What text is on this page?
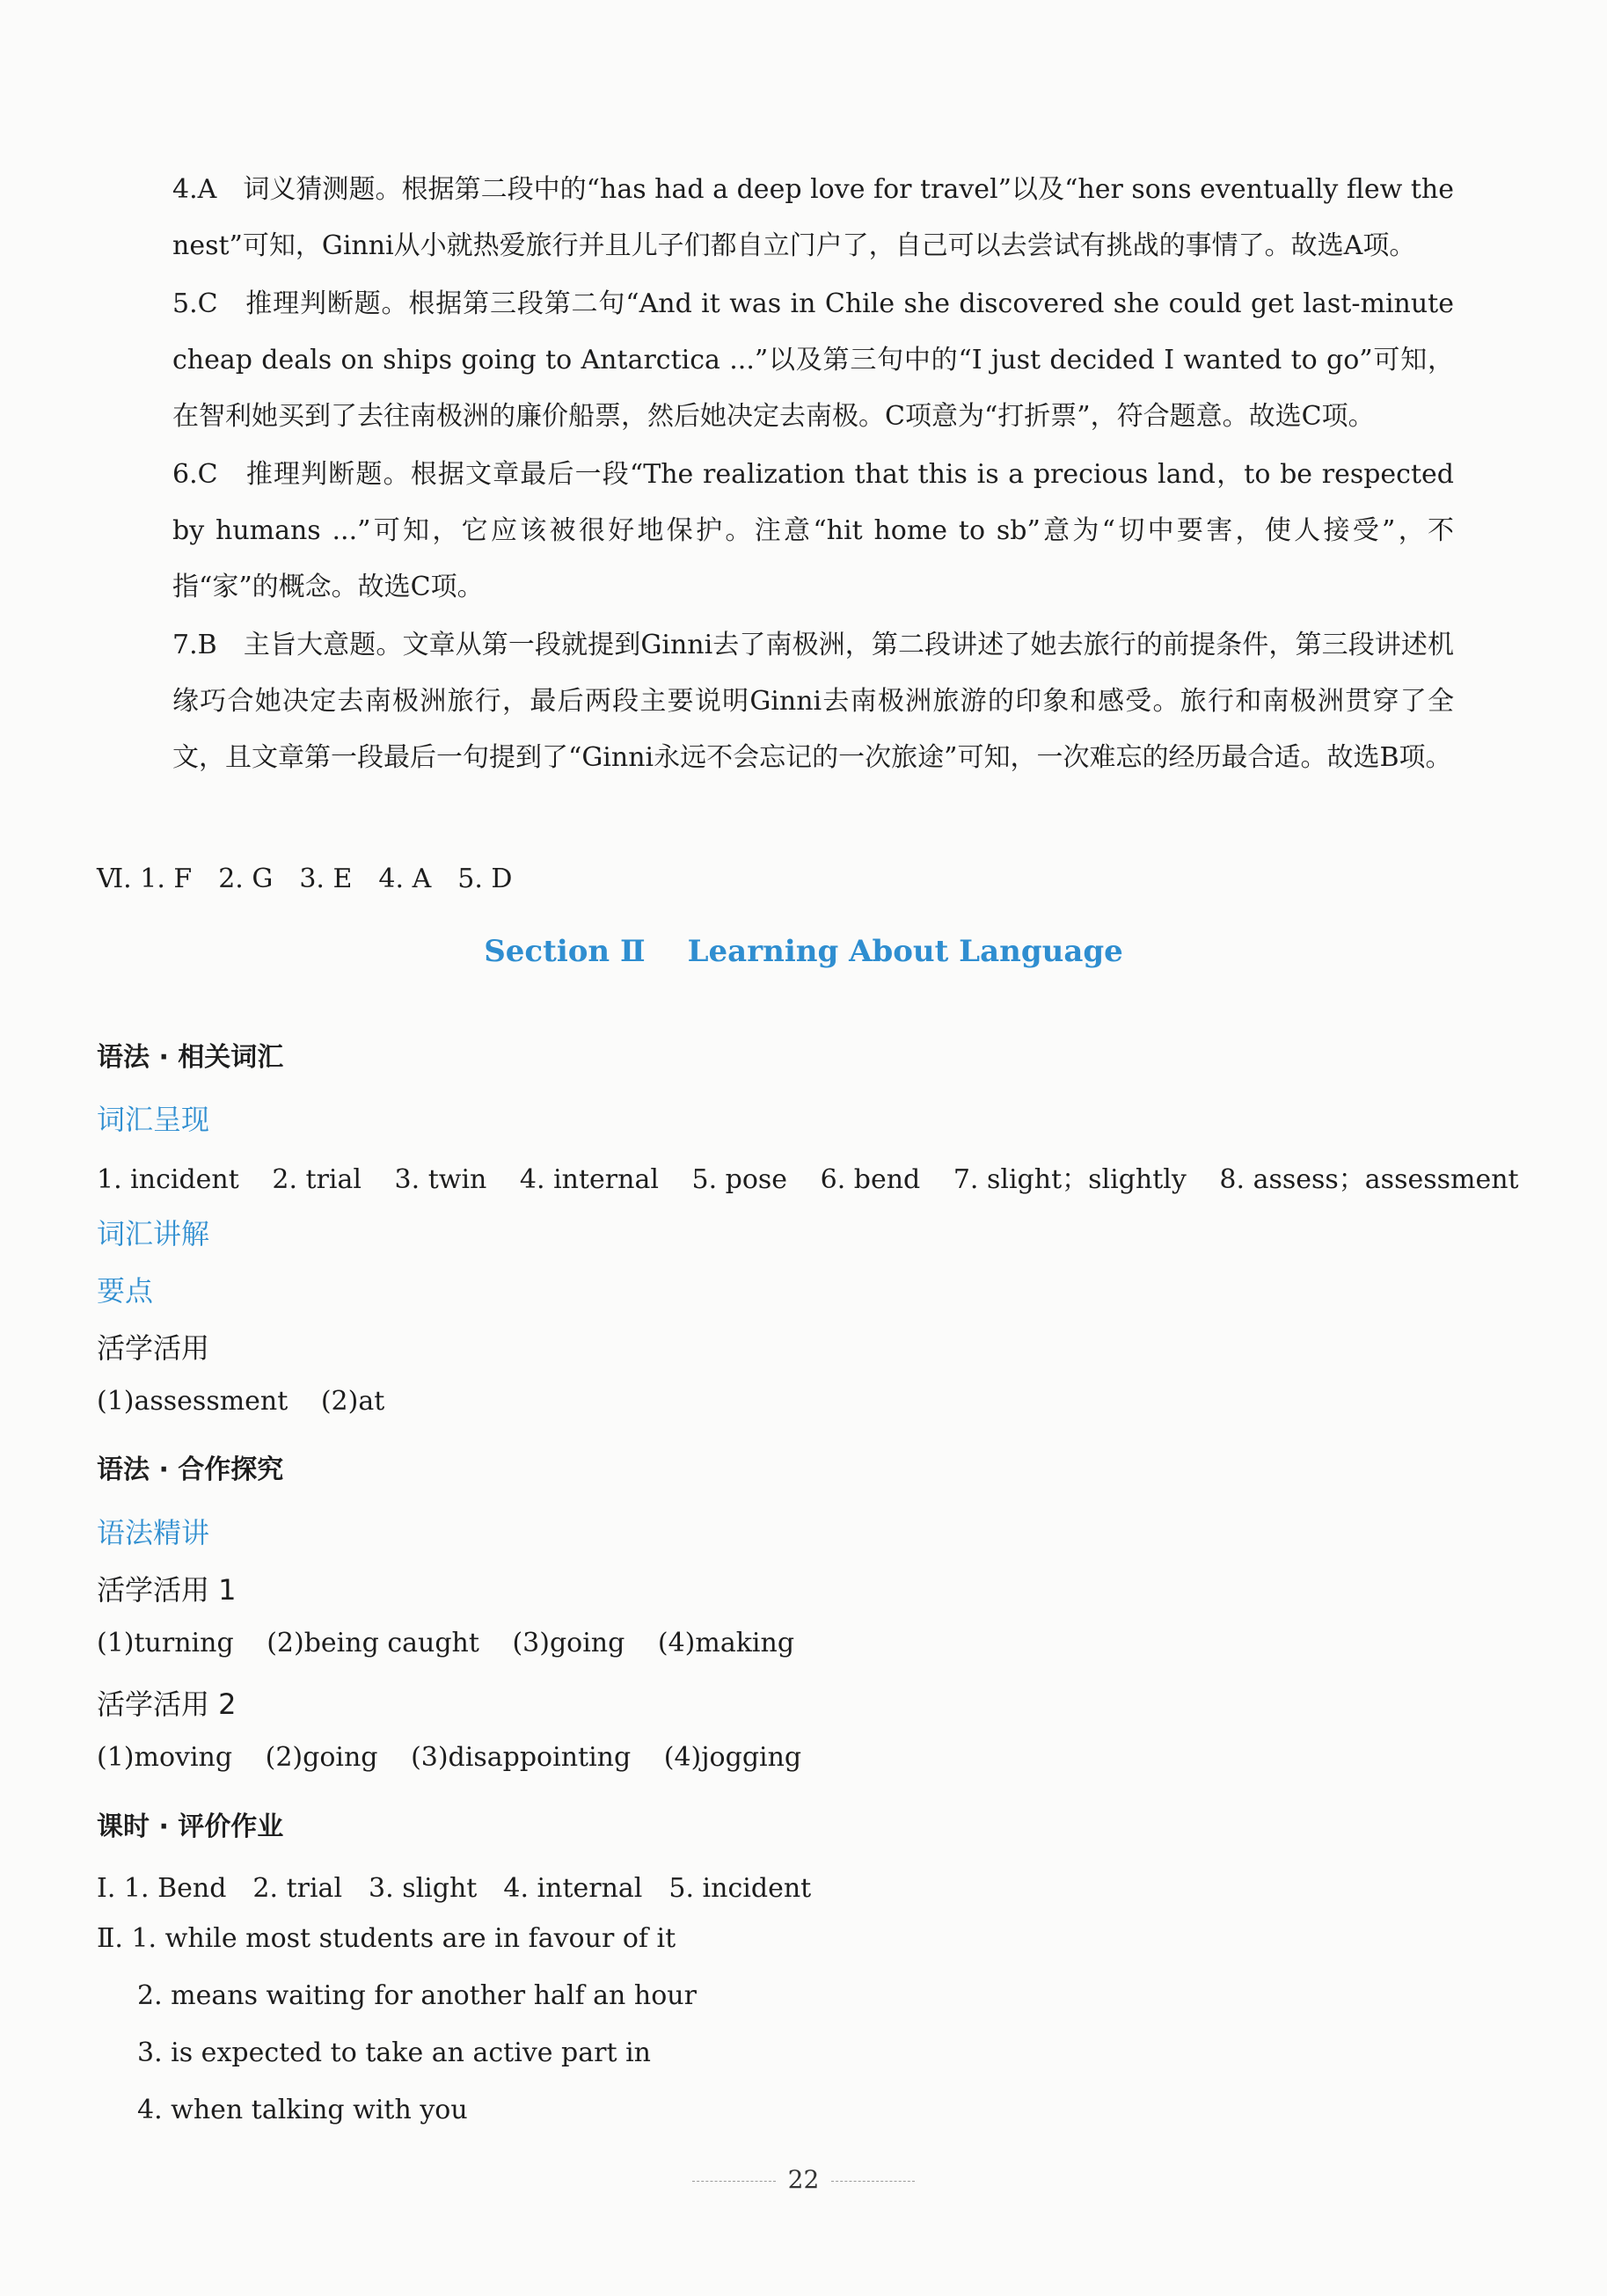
4.A　词义猜测题。根据第二段中的“has had a deep love for travel”以及“her sons eventually flew the nest”可知，Ginni从小就热爱旅行并且儿子们都自立门户了，自己可以去尝试有挑战的事情了。故选A项。
5.C　推理判断题。根据第三段第二句“And it was in Chile she discovered she could get last-minute cheap deals on ships going to Antarctica ...”以及第三句中的“I just decided I wanted to go”可知，在智利她买到了去往南极洲的廉价船票，然后她决定去南极。C项意为“打折票”，符合题意。故选C项。
6.C　推理判断题。根据文章最后一段“The realization that this is a precious land，to be respected by humans ...”可知，它应该被很好地保护。注意“hit home to sb”意为“切中要害，使人接受”，不指“家”的概念。故选C项。
7.B　主旨大意题。文章从第一段就提到Ginni去了南极洲，第二段讲述了她去旅行的前提条件，第三段讲述机缘巧合她决定去南极洲旅行，最后两段主要说明Ginni去南极洲旅游的印象和感受。旅行和南极洲贯穿了全文，且文章第一段最后一句提到了“Ginni永远不会忘记的一次旅途”可知，一次难忘的经历最合适。故选B项。
Ⅵ. 1. F　2. G　3. E　4. A　5. D
Section Ⅱ Learning About Language
语法 · 相关词汇
词汇呈现
1. incident 2. trial 3. twin 4. internal 5. pose 6. bend 7. slight；slightly 8. assess；assessment
词汇讲解
要点
活学活用
(1)assessment (2)at
语法 · 合作探究
语法精讲
活学活用 1
(1)turning (2)being caught (3)going (4)making
活学活用 2
(1)moving (2)going (3)disappointing (4)jogging
课时 · 评价作业
Ⅰ. 1. Bend　2. trial　3. slight　4. internal　5. incident
Ⅱ. 1. while most students are in favour of it
2. means waiting for another half an hour
3. is expected to take an active part in
4. when talking with you
22
